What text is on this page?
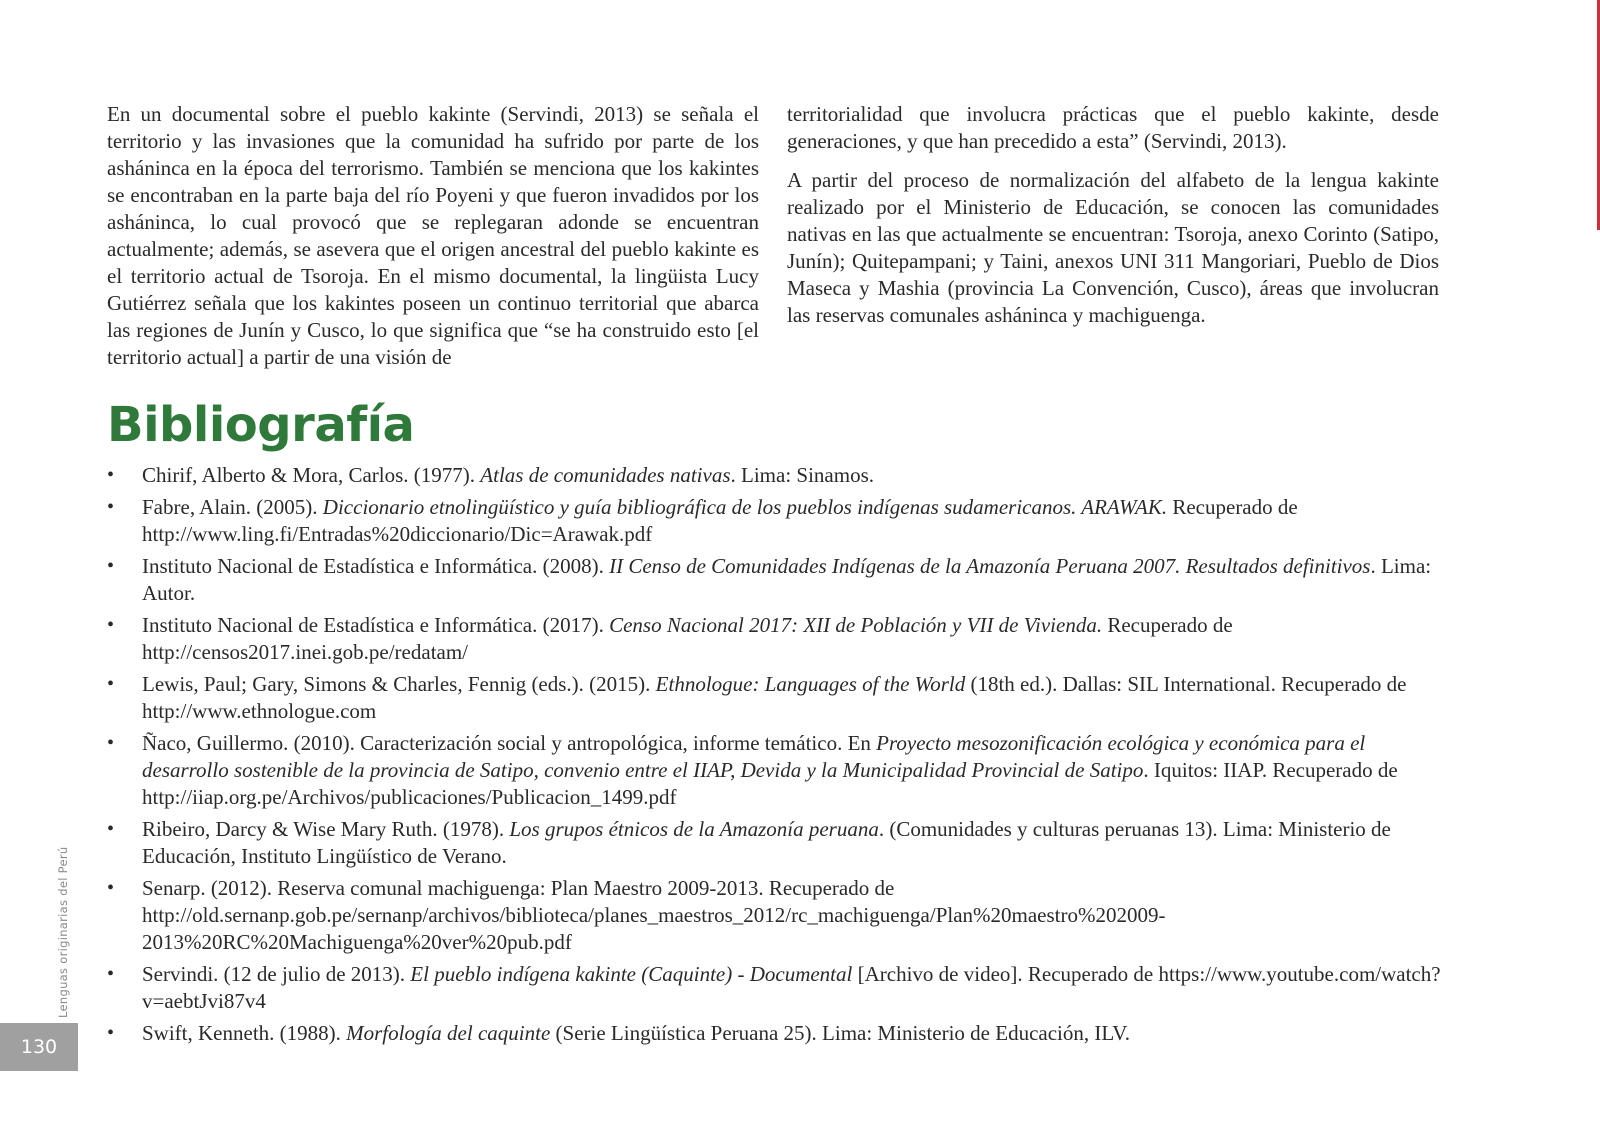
En un documental sobre el pueblo kakinte (Servindi, 2013) se señala el territorio y las invasiones que la comunidad ha sufrido por parte de los asháninca en la época del terrorismo. También se menciona que los kakintes se encontraban en la parte baja del río Poyeni y que fueron invadidos por los asháninca, lo cual provocó que se replegaran adonde se encuentran actualmente; además, se asevera que el origen ancestral del pueblo kakinte es el territorio actual de Tsoroja. En el mismo documental, la lingüista Lucy Gutiérrez señala que los kakintes poseen un continuo territorial que abarca las regiones de Junín y Cusco, lo que significa que “se ha construido esto [el territorio actual] a partir de una visión de

territorialidad que involucra prácticas que el pueblo kakinte, desde generaciones, y que han precedido a esta” (Servindi, 2013).

A partir del proceso de normalización del alfabeto de la lengua kakinte realizado por el Ministerio de Educación, se conocen las comunidades nativas en las que actualmente se encuentran: Tsoroja, anexo Corinto (Satipo, Junín); Quitepampani; y Taini, anexos UNI 311 Mangoriari, Pueblo de Dios Maseca y Mashia (provincia La Convención, Cusco), áreas que involucran las reservas comunales asháninca y machiguenga.

Bibliografía
• Chirif, Alberto & Mora, Carlos. (1977). Atlas de comunidades nativas. Lima: Sinamos.
• Fabre, Alain. (2005). Diccionario etnolingüístico y guía bibliográfica de los pueblos indígenas sudamericanos. ARAWAK. Recuperado de http://www.ling.fi/Entradas%20diccionario/Dic=Arawak.pdf
• Instituto Nacional de Estadística e Informática. (2008). II Censo de Comunidades Indígenas de la Amazonía Peruana 2007. Resultados definitivos. Lima: Autor.
• Instituto Nacional de Estadística e Informática. (2017). Censo Nacional 2017: XII de Población y VII de Vivienda. Recuperado de http://censos2017.inei.gob.pe/redatam/
• Lewis, Paul; Gary, Simons & Charles, Fennig (eds.). (2015). Ethnologue: Languages of the World (18th ed.). Dallas: SIL International. Recuperado de http://www.ethnologue.com
• Ñaco, Guillermo. (2010). Caracterización social y antropológica, informe temático. En Proyecto mesozonificación ecológica y económica para el desarrollo sostenible de la provincia de Satipo, convenio entre el IIAP, Devida y la Municipalidad Provincial de Satipo. Iquitos: IIAP. Recuperado de http://iiap.org.pe/Archivos/publicaciones/Publicacion_1499.pdf
• Ribeiro, Darcy & Wise Mary Ruth. (1978). Los grupos étnicos de la Amazonía peruana. (Comunidades y culturas peruanas 13). Lima: Ministerio de Educación, Instituto Lingüístico de Verano.
• Senarp. (2012). Reserva comunal machiguenga: Plan Maestro 2009-2013. Recuperado de http://old.sernanp.gob.pe/sernanp/archivos/biblioteca/planes_maestros_2012/rc_machiguenga/Plan%20maestro%202009-2013%20RC%20Machiguenga%20ver%20pub.pdf
• Servindi. (12 de julio de 2013). El pueblo indígena kakinte (Caquinte) - Documental [Archivo de video]. Recuperado de https://www.youtube.com/watch?v=aebtJvi87v4
• Swift, Kenneth. (1988). Morfología del caquinte (Serie Lingüística Peruana 25). Lima: Ministerio de Educación, ILV.
Lenguas originarias del Perú
130
